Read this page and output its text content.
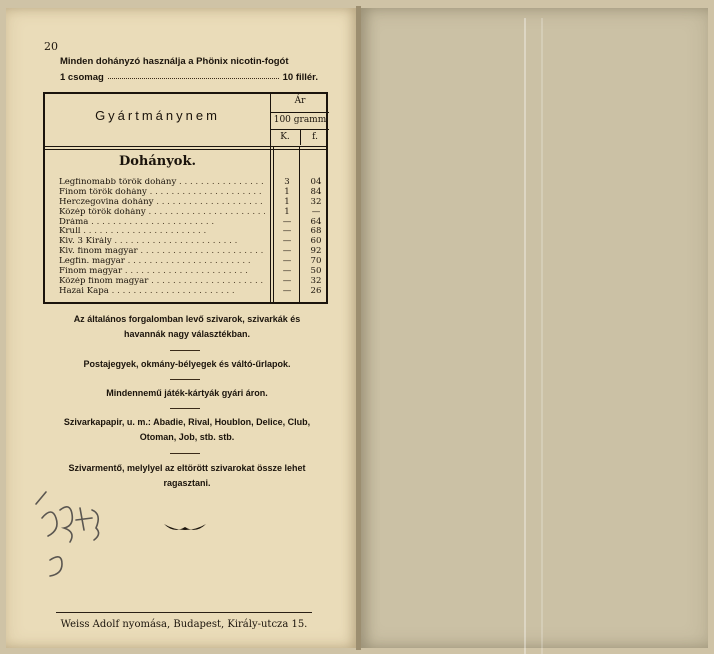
20
Minden dohányzó használja a Phönix nicotin-fogót
1 csomag	10 fillér.
Gyártmánynem
Ár
100 gramm
K.	f.
Dohányok.
Legfinomabb török dohány . . .	3	04
Finom török dohány . . .	1	84
Herczegovina dohány . . .	1	32
Közép török dohány . . .	1	—
Dráma . . .	—	64
Krull . . .	—	68
Kiv. 3 Király . . .	—	60
Kiv. finom magyar . . .	—	92
Legfin. magyar . . .	—	70
Finom magyar . . .	—	50
Közép finom magyar . . .	—	32
Hazai Kapa . . .	—	26
Az általános forgalomban levő szivarok, szivarkák és havannák nagy választékban.
Postajegyek, okmány-bélyegek és váltó-űrlapok.
Mindennemű játék-kártyák gyári áron.
Szivarkapapir, u. m.: Abadie, Rival, Houblon, Delice, Club, Otoman, Job, stb. stb.
Szivarmentő, melylyel az eltörött szivarokat össze lehet ragasztani.
Weiss Adolf nyomása, Budapest, Király-utcza 15.
